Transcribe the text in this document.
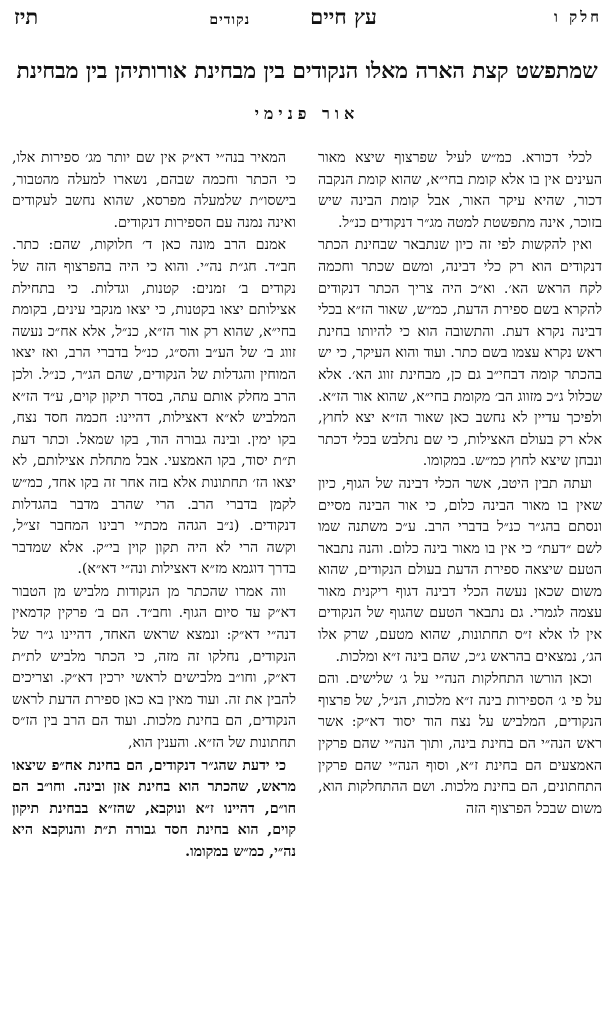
חלק ו
עץ חיים
נקודים
תיז
שמתפשט קצת הארה מאלו הנקודים בין מבחינת אורותיהן בין מבחינת
אור פנימי

לכלי דכורא. כמ״ש לעיל שפרצוף שיצא מאור העינים אין בו אלא קומת בחי״א, שהוא קומת הנקבה דכור, שהיא עיקר האור, אבל קומת הבינה שיש בזוכר, אינה מתפשטת למטה מג״ר דנקודים כנ״ל.

ואין להקשות לפי זה כיון שנתבאר שבחינת הכתר דנקודים הוא רק כלי דבינה, ומשם שכתר וחכמה לקח הראש הא׳. וא״כ היה צריך הכתר דנקודים להקרא בשם ספירת הדעת, כמ״ש, שאור הז״א בכלי דבינה נקרא דעת. והתשובה הוא כי להיותו בחינת ראש נקרא עצמו בשם כתר. ועוד והוא העיקר, כי יש בהכתר קומה דבחי״ב גם כן, מבחינת זווג הא׳. אלא שכלול ג״כ מזווג הב׳ מקומת בחי״א, שהוא אור הז״א. ולפיכך עדיין לא נחשב כאן שאור הז״א יצא לחוץ, אלא רק בעולם האצילות, כי שם נתלבש בכלי דכתר ונבחן שיצא לחוץ כמ״ש. במקומו.

ועתה תבין היטב, אשר הכלי דבינה של הגוף, כיון שאין בו מאור הבינה כלום, כי אור הבינה מסיים ונסתם בהג״ר כנ״ל בדברי הרב. ע״כ משתנה שמו לשם ״דעת״ כי אין בו מאור בינה כלום. והנה נתבאר הטעם שיצאה ספירת הדעת בעולם הנקודים, שהוא משום שכאן נעשה הכלי דבינה דגוף ריקנית מאור עצמה לגמרי. גם נתבאר הטעם שהגוף של הנקודים אין לו אלא ז״ס תחתונות, שהוא מטעם, שרק אלו הג׳, נמצאים בהראש ג״כ, שהם בינה ז״א ומלכות.

וכאן הורשו התחלקות הנה״י על ג׳ שלישים. והם על פי ג׳ הספירות בינה ז״א מלכות, הנ״ל, של פרצוף הנקודים, המלביש על נצח הוד יסוד דא״ק: אשר ראש הנה״י הם בחינת בינה, ותוך הנה״י שהם פרקין האמצעים הם בחינת ז״א, וסוף הנה״י שהם פרקין התחתונים, הם בחינת מלכות. ושם ההתחלקות הוא, משום שבכל הפרצוף הזה

המאיר בנה״י דא״ק אין שם יותר מג׳ ספירות אלו, כי הכתר וחכמה שבהם, נשארו למעלה מהטבור, בישסו״ת שלמעלה מפרסא, שהוא נחשב לעקודים ואינה נמנה עם הספירות דנקודים.

אמנם הרב מונה כאן ד׳ חלוקות, שהם: כתר. חב״ד. חג״ת נה״י. והוא כי היה בהפרצוף הזה של נקודים ב׳ זמנים: קטנות, וגדלות. כי בתחילת אצילותם יצאו בקטנות, כי יצאו מנקבי עינים, בקומת בחי״א, שהוא רק אור הז״א, כנ״ל, אלא אח״כ נעשה זווג ב׳ של הע״ב והס״ג, כנ״ל בדברי הרב, ואז יצאו המוחין והגדלות של הנקודים, שהם הג״ר, כנ״ל. ולכן הרב מחלק אותם עתה, בסדר תיקון קוים, ע״ד הז״א המלביש לא״א דאצילות, דהיינו: חכמה חסד נצח, בקו ימין. ובינה גבורה הוד, בקו שמאל. וכתר דעת ת״ת יסוד, בקו האמצעי. אבל מתחלת אצילותם, לא יצאו הז׳ תחתונות אלא בזה אחר זה בקו אחד, כמ״ש לקמן בדברי הרב. הרי שהרב מדבר בהגדלות דנקודים. (נ״ב הגהה מכת״י רבינו המחבר זצ״ל, וקשה הרי לא היה תקון קוין בי״ק. אלא שמדבר בדרך דוגמא מז״א דאצילות ונה״י דא״א).

ווה אמרו שהכתר מן הנקודות מלביש מן הטבור דא״ק עד סיום הגוף. וחב״ד. הם ב׳ פרקין קדמאין דנה״י דא״ק: ונמצא שראש האחד, דהיינו ג״ר של הנקודים, נחלקו זה מזה, כי הכתר מלביש לת״ת דא״ק, וחו״ב מלבישים לראשי ירכין דא״ק. וצריכים להבין את זה. ועוד מאין בא כאן ספירת הדעת לראש הנקודים, הם בחינת מלכות. ועוד הם הרב בין הז״ס תחתונות של הז״א. והענין הוא,

כי ידעת שהג״ר דנקודים, הם בחינת אח״פ שיצאו מראש, שהכתר הוא בחינת אזן ובינה. וחו״ב הם חו״ם, דהיינו ז״א ונוקבא, שהז״א בבחינת תיקון קוים, הוא בחינת חסד גבורה ת״ת והנוקבא היא נה״י, כמ״ש במקומו.
